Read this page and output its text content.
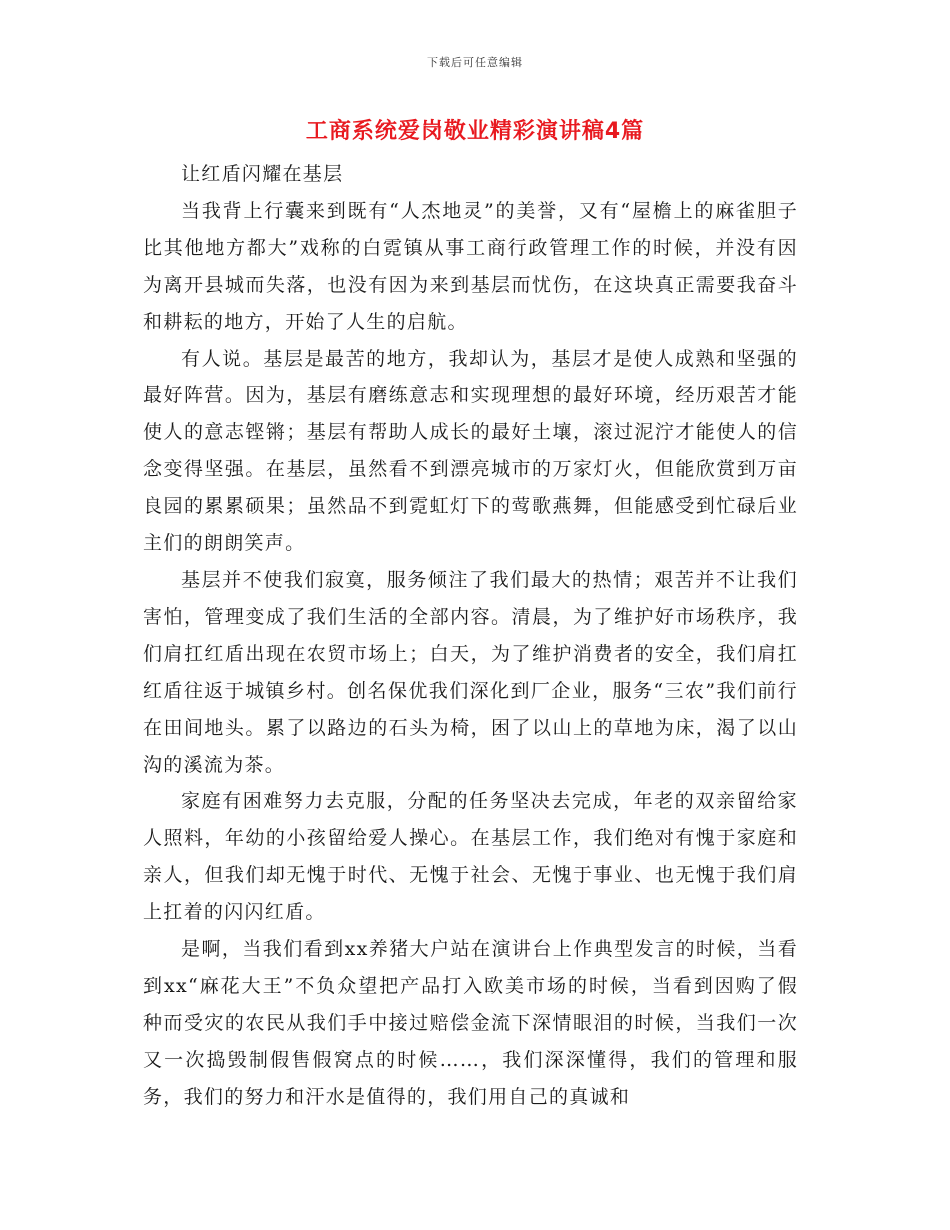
下载后可任意编辑
工商系统爱岗敬业精彩演讲稿4篇

让红盾闪耀在基层

当我背上行囊来到既有“人杰地灵”的美誉，又有“屋檐上的麻雀胆子比其他地方都大”戏称的白霓镇从事工商行政管理工作的时候，并没有因为离开县城而失落，也没有因为来到基层而忧伤，在这块真正需要我奋斗和耕耘的地方，开始了人生的启航。

有人说。基层是最苦的地方，我却认为，基层才是使人成熟和坚强的最好阵营。因为，基层有磨练意志和实现理想的最好环境，经历艰苦才能使人的意志铿锵；基层有帮助人成长的最好土壤，滚过泥泞才能使人的信念变得坚强。在基层，虽然看不到漂亮城市的万家灯火，但能欣赏到万亩良园的累累硕果；虽然品不到霓虹灯下的莺歌燕舞，但能感受到忙碌后业主们的朗朗笑声。

基层并不使我们寂寞，服务倾注了我们最大的热情；艰苦并不让我们害怕，管理变成了我们生活的全部内容。清晨，为了维护好市场秩序，我们肩扛红盾出现在农贸市场上；白天，为了维护消费者的安全，我们肩扛红盾往返于城镇乡村。创名保优我们深化到厂企业，服务“三农”我们前行在田间地头。累了以路边的石头为椅，困了以山上的草地为床，渴了以山沟的溪流为茶。

家庭有困难努力去克服，分配的任务坚决去完成，年老的双亲留给家人照料，年幼的小孩留给爱人操心。在基层工作，我们绝对有愧于家庭和亲人，但我们却无愧于时代、无愧于社会、无愧于事业、也无愧于我们肩上扛着的闪闪红盾。

是啊，当我们看到xx养猪大户站在演讲台上作典型发言的时候，当看到xx“麻花大王”不负众望把产品打入欧美市场的时候，当看到因购了假种而受灾的农民从我们手中接过赔偿金流下深情眼泪的时候，当我们一次又一次捣毁制假售假窝点的时候……，我们深深懂得，我们的管理和服务，我们的努力和汗水是值得的，我们用自己的真诚和
